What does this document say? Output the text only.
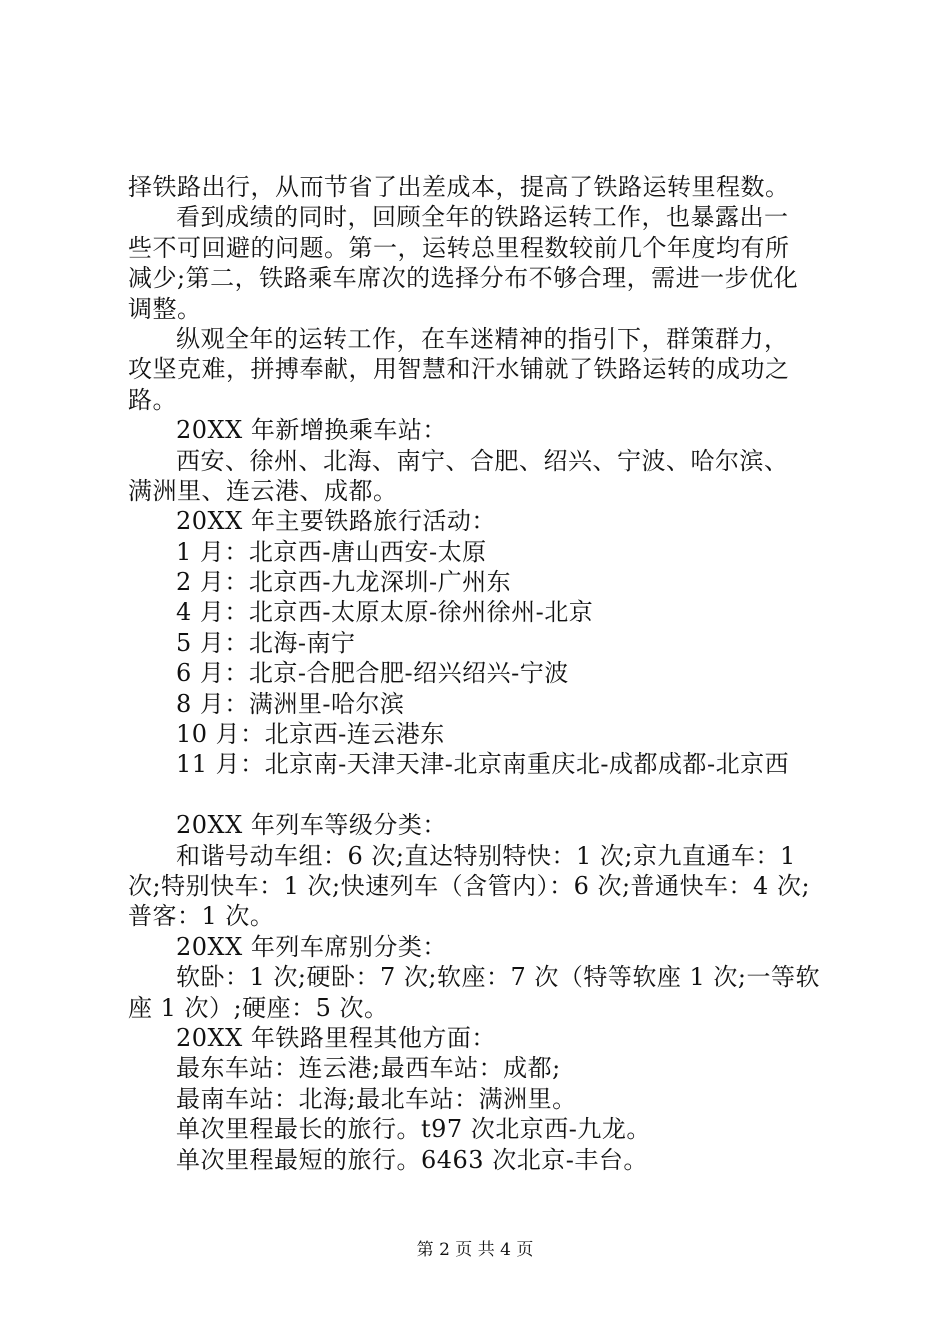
择铁路出行，从而节省了出差成本，提高了铁路运转里程数。
看到成绩的同时，回顾全年的铁路运转工作，也暴露出一
些不可回避的问题。第一，运转总里程数较前几个年度均有所
减少;第二，铁路乘车席次的选择分布不够合理，需进一步优化
调整。
纵观全年的运转工作，在车迷精神的指引下，群策群力，
攻坚克难，拼搏奉献，用智慧和汗水铺就了铁路运转的成功之
路。
20XX 年新增换乘车站：
西安、徐州、北海、南宁、合肥、绍兴、宁波、哈尔滨、
满洲里、连云港、成都。
20XX 年主要铁路旅行活动：
1 月：北京西-唐山西安-太原
2 月：北京西-九龙深圳-广州东
4 月：北京西-太原太原-徐州徐州-北京
5 月：北海-南宁
6 月：北京-合肥合肥-绍兴绍兴-宁波
8 月：满洲里-哈尔滨
10 月：北京西-连云港东
11 月：北京南-天津天津-北京南重庆北-成都成都-北京西
20XX 年列车等级分类：
和谐号动车组：6 次;直达特别特快：1 次;京九直通车：1
次;特别快车：1 次;快速列车（含管内）：6 次;普通快车：4 次;
普客：1 次。
20XX 年列车席别分类：
软卧：1 次;硬卧：7 次;软座：7 次（特等软座 1 次;一等软
座 1 次）;硬座：5 次。
20XX 年铁路里程其他方面：
最东车站：连云港;最西车站：成都;
最南车站：北海;最北车站：满洲里。
单次里程最长的旅行。t97 次北京西-九龙。
单次里程最短的旅行。6463 次北京-丰台。
第 2 页 共 4 页
